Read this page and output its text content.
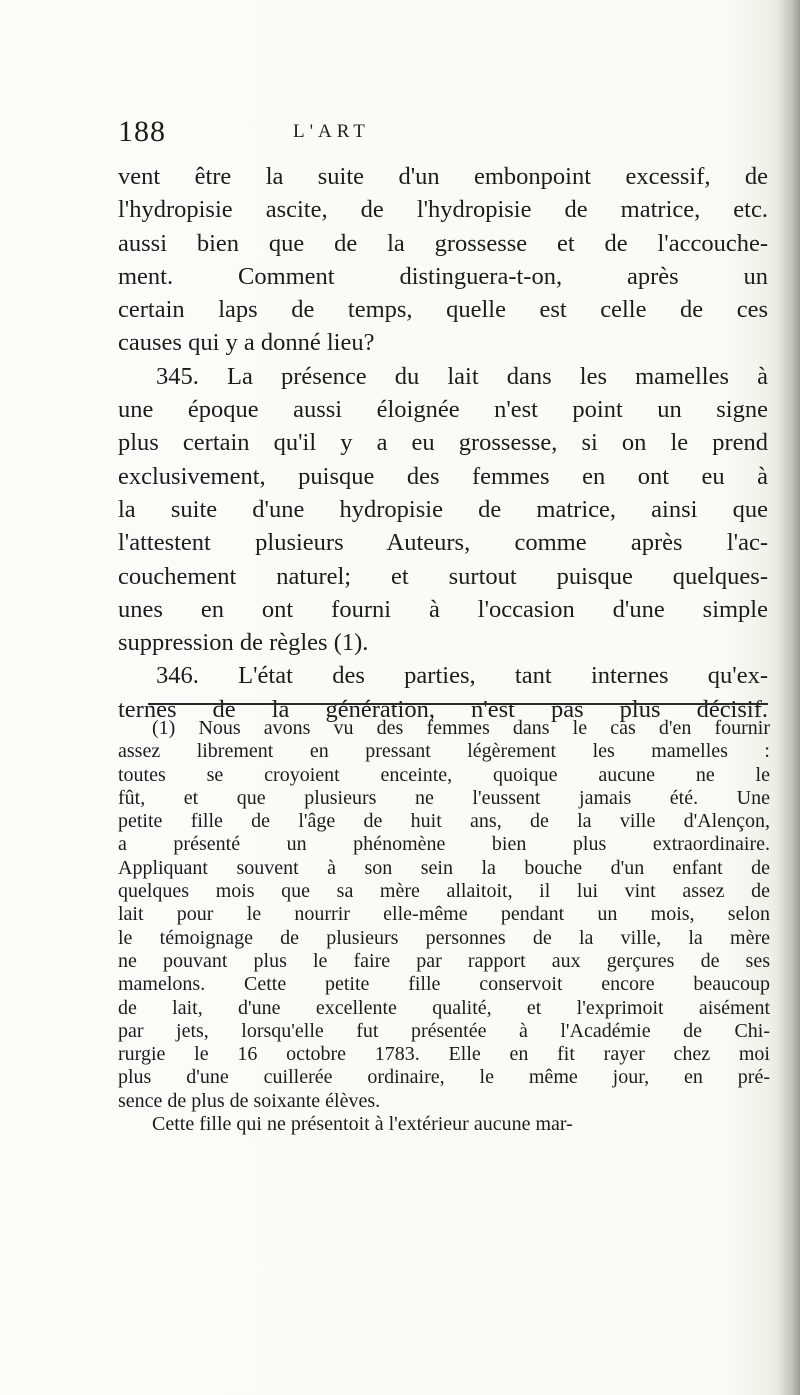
188	L'ART
vent être la suite d'un embonpoint excessif, de
l'hydropisie ascite, de l'hydropisie de matrice, etc.
aussi bien que de la grossesse et de l'accouche-
ment. Comment distinguera-t-on, après un
certain laps de temps, quelle est celle de ces
causes qui y a donné lieu?
345. La présence du lait dans les mamelles à
une époque aussi éloignée n'est point un signe
plus certain qu'il y a eu grossesse, si on le prend
exclusivement, puisque des femmes en ont eu à
la suite d'une hydropisie de matrice, ainsi que
l'attestent plusieurs Auteurs, comme après l'ac-
couchement naturel; et surtout puisque quelques-
unes en ont fourni à l'occasion d'une simple
suppression de règles (1).
346. L'état des parties, tant internes qu'ex-
ternes de la génération, n'est pas plus décisif.
(1) Nous avons vu des femmes dans le cas d'en fournir
assez librement en pressant légèrement les mamelles :
toutes se croyoient enceinte, quoique aucune ne le
fût, et que plusieurs ne l'eussent jamais été. Une
petite fille de l'âge de huit ans, de la ville d'Alençon,
a présenté un phénomène bien plus extraordinaire.
Appliquant souvent à son sein la bouche d'un enfant de
quelques mois que sa mère allaitoit, il lui vint assez de
lait pour le nourrir elle-même pendant un mois, selon
le témoignage de plusieurs personnes de la ville, la mère
ne pouvant plus le faire par rapport aux gerçures de ses
mamelons. Cette petite fille conservoit encore beaucoup
de lait, d'une excellente qualité, et l'exprimoit aisément
par jets, lorsqu'elle fut présentée à l'Académie de Chi-
rurgie le 16 octobre 1783. Elle en fit rayer chez moi
plus d'une cuillerée ordinaire, le même jour, en pré-
sence de plus de soixante élèves.
Cette fille qui ne présentoit à l'extérieur aucune mar-
